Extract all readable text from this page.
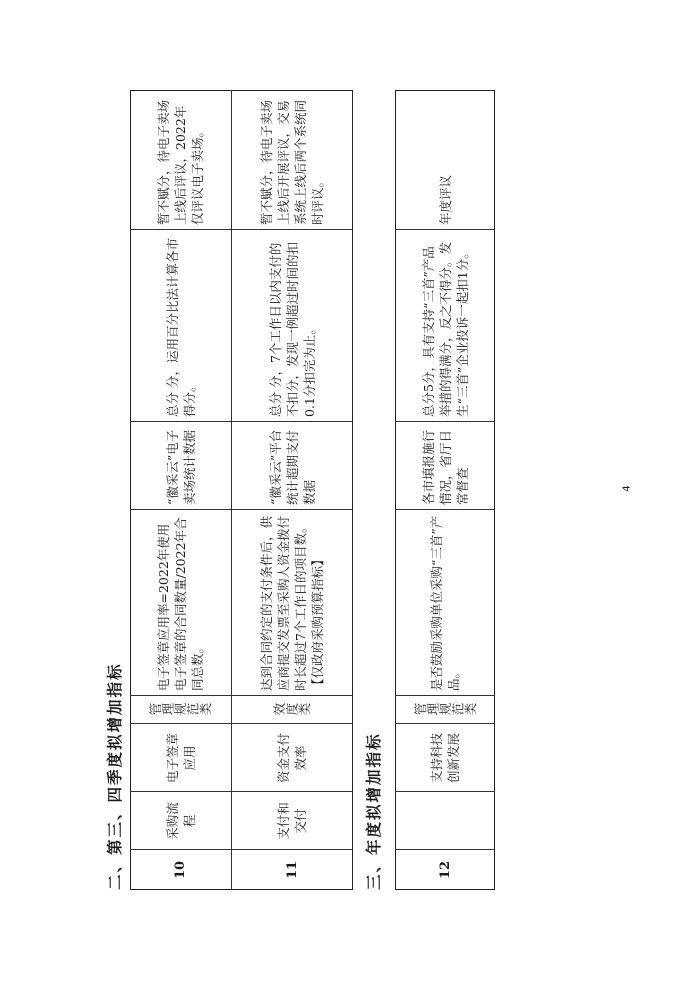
二、第三、四季度拟增加指标	10
采购流程
电子签章应用
管理规范类
电子签章应用率=2022年使用电子签章的合同数量/2022年合同总数。
“徽采云”电子卖场统计数据
总分 分，运用百分比法计算各市得分。
暂不赋分，待电子卖场上线后评议，2022年仅评议电子卖场。
11
支付和交付
资金支付效率
效度类
达到合同约定的支付条件后，供应商提交发票至采购人资金拨付时长超过7个工作日的项目数。【仅政府采购预算指标】
“徽采云”平台统计超期支付数据
总分 分，7个工作日以内支付的不扣分，发现一例超过时间的扣0.1分扣完为止。
暂不赋分，待电子卖场上线后开展评议，交易系统上线后两个系统同时评议。
三、年度拟增加指标	12
支持科技创新发展
管理规范类
是否鼓励采购单位采购“三首”产品。
各市填报施行情况，省厅日常督查
总分5分，具有支持“三首”产品举措的得满分，反之不得分。发生“三首”企业投诉一起扣1分。
年度评议
4
